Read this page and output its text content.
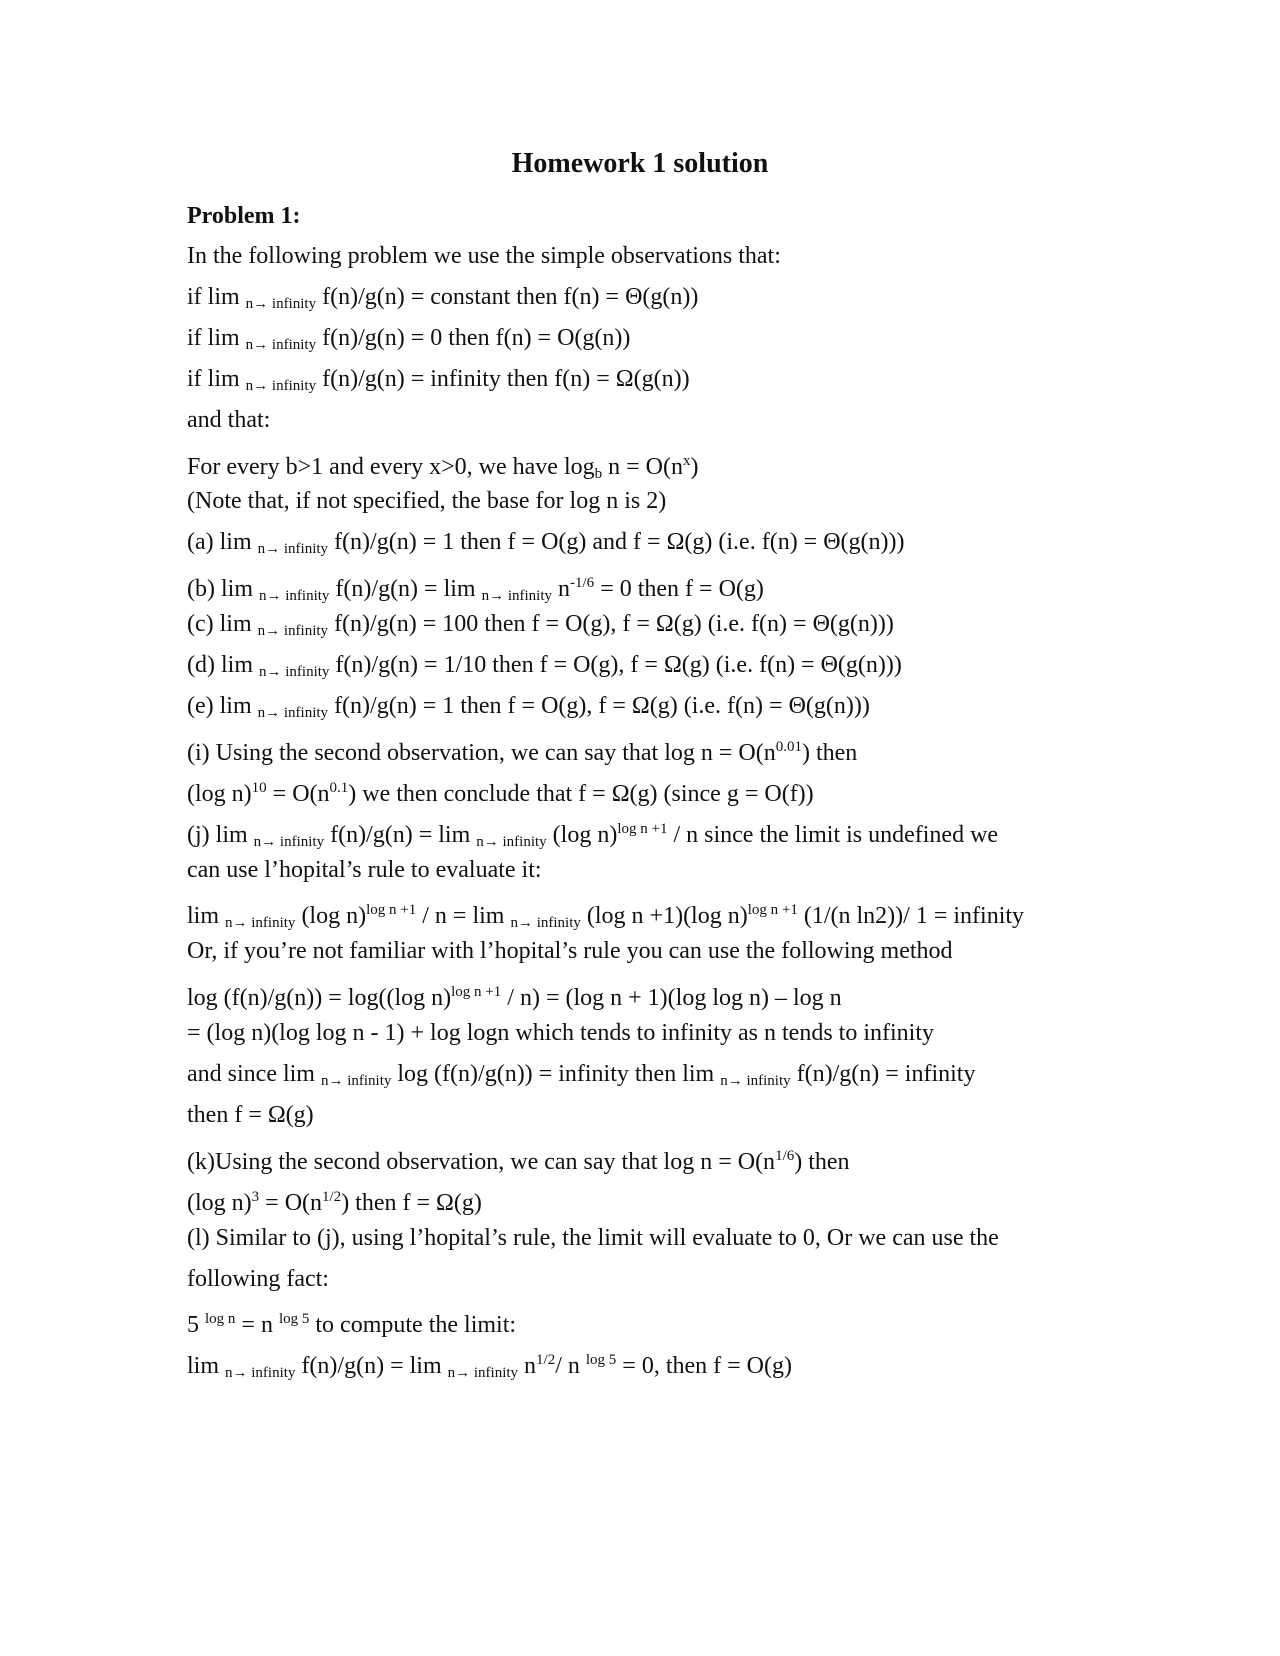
Homework 1 solution
Problem 1:
In the following problem we use the simple observations that:
if lim $_{n\to infinity}$ f(n)/g(n) = constant then f(n) = Θ(g(n))
if lim $_{n\to infinity}$ f(n)/g(n) = 0 then f(n) = O(g(n))
if lim $_{n\to infinity}$ f(n)/g(n) = infinity then f(n) = Ω(g(n))
and that:
For every b>1 and every x>0, we have $\log_b n = O(n^x)$
(Note that, if not specified, the base for log n is 2)
(a) lim $_{n\to infinity}$ f(n)/g(n) = 1 then f = O(g) and f = Ω(g) (i.e. f(n) = Θ(g(n)))
(b) lim $_{n\to infinity}$ f(n)/g(n) = lim $_{n\to infinity}$ $n^{-1/6} = 0$ then f = O(g)
(c) lim $_{n\to infinity}$ f(n)/g(n) = 100 then f = O(g), f = Ω(g) (i.e. f(n) = Θ(g(n)))
(d) lim $_{n\to infinity}$ f(n)/g(n) = 1/10 then f = O(g), f = Ω(g) (i.e. f(n) = Θ(g(n)))
(e) lim $_{n\to infinity}$ f(n)/g(n) = 1 then f = O(g), f = Ω(g) (i.e. f(n) = Θ(g(n)))
(i) Using the second observation, we can say that $\log n = O(n^{0.01})$ then
(log $n)^{10} = O(n^{0.1})$ we then conclude that f = Ω(g) (since g = O(f))
(j) lim $_{n\to infinity}$ f(n)/g(n) = lim $_{n\to infinity}$ (log n)$^{log n +1}$ / n since the limit is undefined we
can use l’hopital’s rule to evaluate it:
lim $_{n\to infinity}$ (log n)$^{log n +1}$ / n = lim $_{n\to infinity}$ (log n +1)(log n)$^{log n +1}$ (1/(n ln2))/ 1 = infinity
Or, if you’re not familiar with l’hopital’s rule you can use the following method
log (f(n)/g(n)) = log((log n)$^{log n +1}$ / n) = (log n + 1)(log log n) – log n
= (log n)(log log n - 1) + log logn which tends to infinity as n tends to infinity
and since lim $_{n\to infinity}$ log (f(n)/g(n)) = infinity then lim $_{n\to infinity}$ f(n)/g(n) = infinity
then f = Ω(g)
(k)Using the second observation, we can say that $\log n = O(n^{1/6})$ then
(log $n)^3 = O(n^{1/2})$ then f = Ω(g)
(l) Similar to (j), using l’hopital’s rule, the limit will evaluate to 0, Or we can use the
following fact:
5 $^{log n}$ = n $^{log 5}$ to compute the limit:
lim $_{n\to infinity}$ f(n)/g(n) = lim $_{n\to infinity}$ $n^{1/2}/$ n $^{log 5}$ = 0, then f = O(g)
